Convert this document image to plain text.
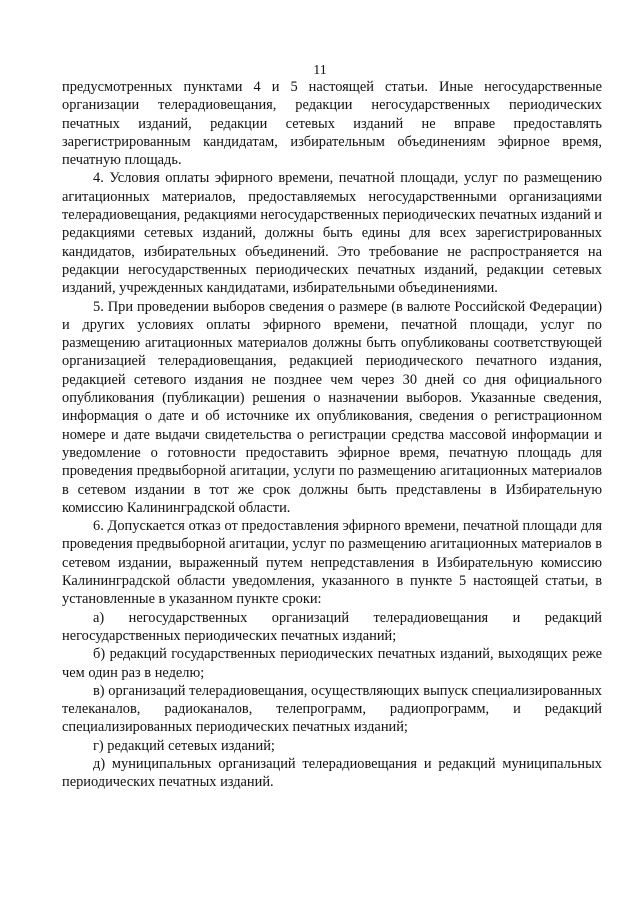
11

предусмотренных пунктами 4 и 5 настоящей статьи. Иные негосударственные организации телерадиовещания, редакции негосударственных периодических печатных изданий, редакции сетевых изданий не вправе предоставлять зарегистрированным кандидатам, избирательным объединениям эфирное время, печатную площадь.

4. Условия оплаты эфирного времени, печатной площади, услуг по размещению агитационных материалов, предоставляемых негосударственными организациями телерадиовещания, редакциями негосударственных периодических печатных изданий и редакциями сетевых изданий, должны быть едины для всех зарегистрированных кандидатов, избирательных объединений. Это требование не распространяется на редакции негосударственных периодических печатных изданий, редакции сетевых изданий, учрежденных кандидатами, избирательными объединениями.

5. При проведении выборов сведения о размере (в валюте Российской Федерации) и других условиях оплаты эфирного времени, печатной площади, услуг по размещению агитационных материалов должны быть опубликованы соответствующей организацией телерадиовещания, редакцией периодического печатного издания, редакцией сетевого издания не позднее чем через 30 дней со дня официального опубликования (публикации) решения о назначении выборов. Указанные сведения, информация о дате и об источнике их опубликования, сведения о регистрационном номере и дате выдачи свидетельства о регистрации средства массовой информации и уведомление о готовности предоставить эфирное время, печатную площадь для проведения предвыборной агитации, услуги по размещению агитационных материалов в сетевом издании в тот же срок должны быть представлены в Избирательную комиссию Калининградской области.

6. Допускается отказ от предоставления эфирного времени, печатной площади для проведения предвыборной агитации, услуг по размещению агитационных материалов в сетевом издании, выраженный путем непредставления в Избирательную комиссию Калининградской области уведомления, указанного в пункте 5 настоящей статьи, в установленные в указанном пункте сроки:

а) негосударственных организаций телерадиовещания и редакций негосударственных периодических печатных изданий;

б) редакций государственных периодических печатных изданий, выходящих реже чем один раз в неделю;

в) организаций телерадиовещания, осуществляющих выпуск специализированных телеканалов, радиоканалов, телепрограмм, радиопрограмм, и редакций специализированных периодических печатных изданий;

г) редакций сетевых изданий;

д) муниципальных организаций телерадиовещания и редакций муниципальных периодических печатных изданий.
